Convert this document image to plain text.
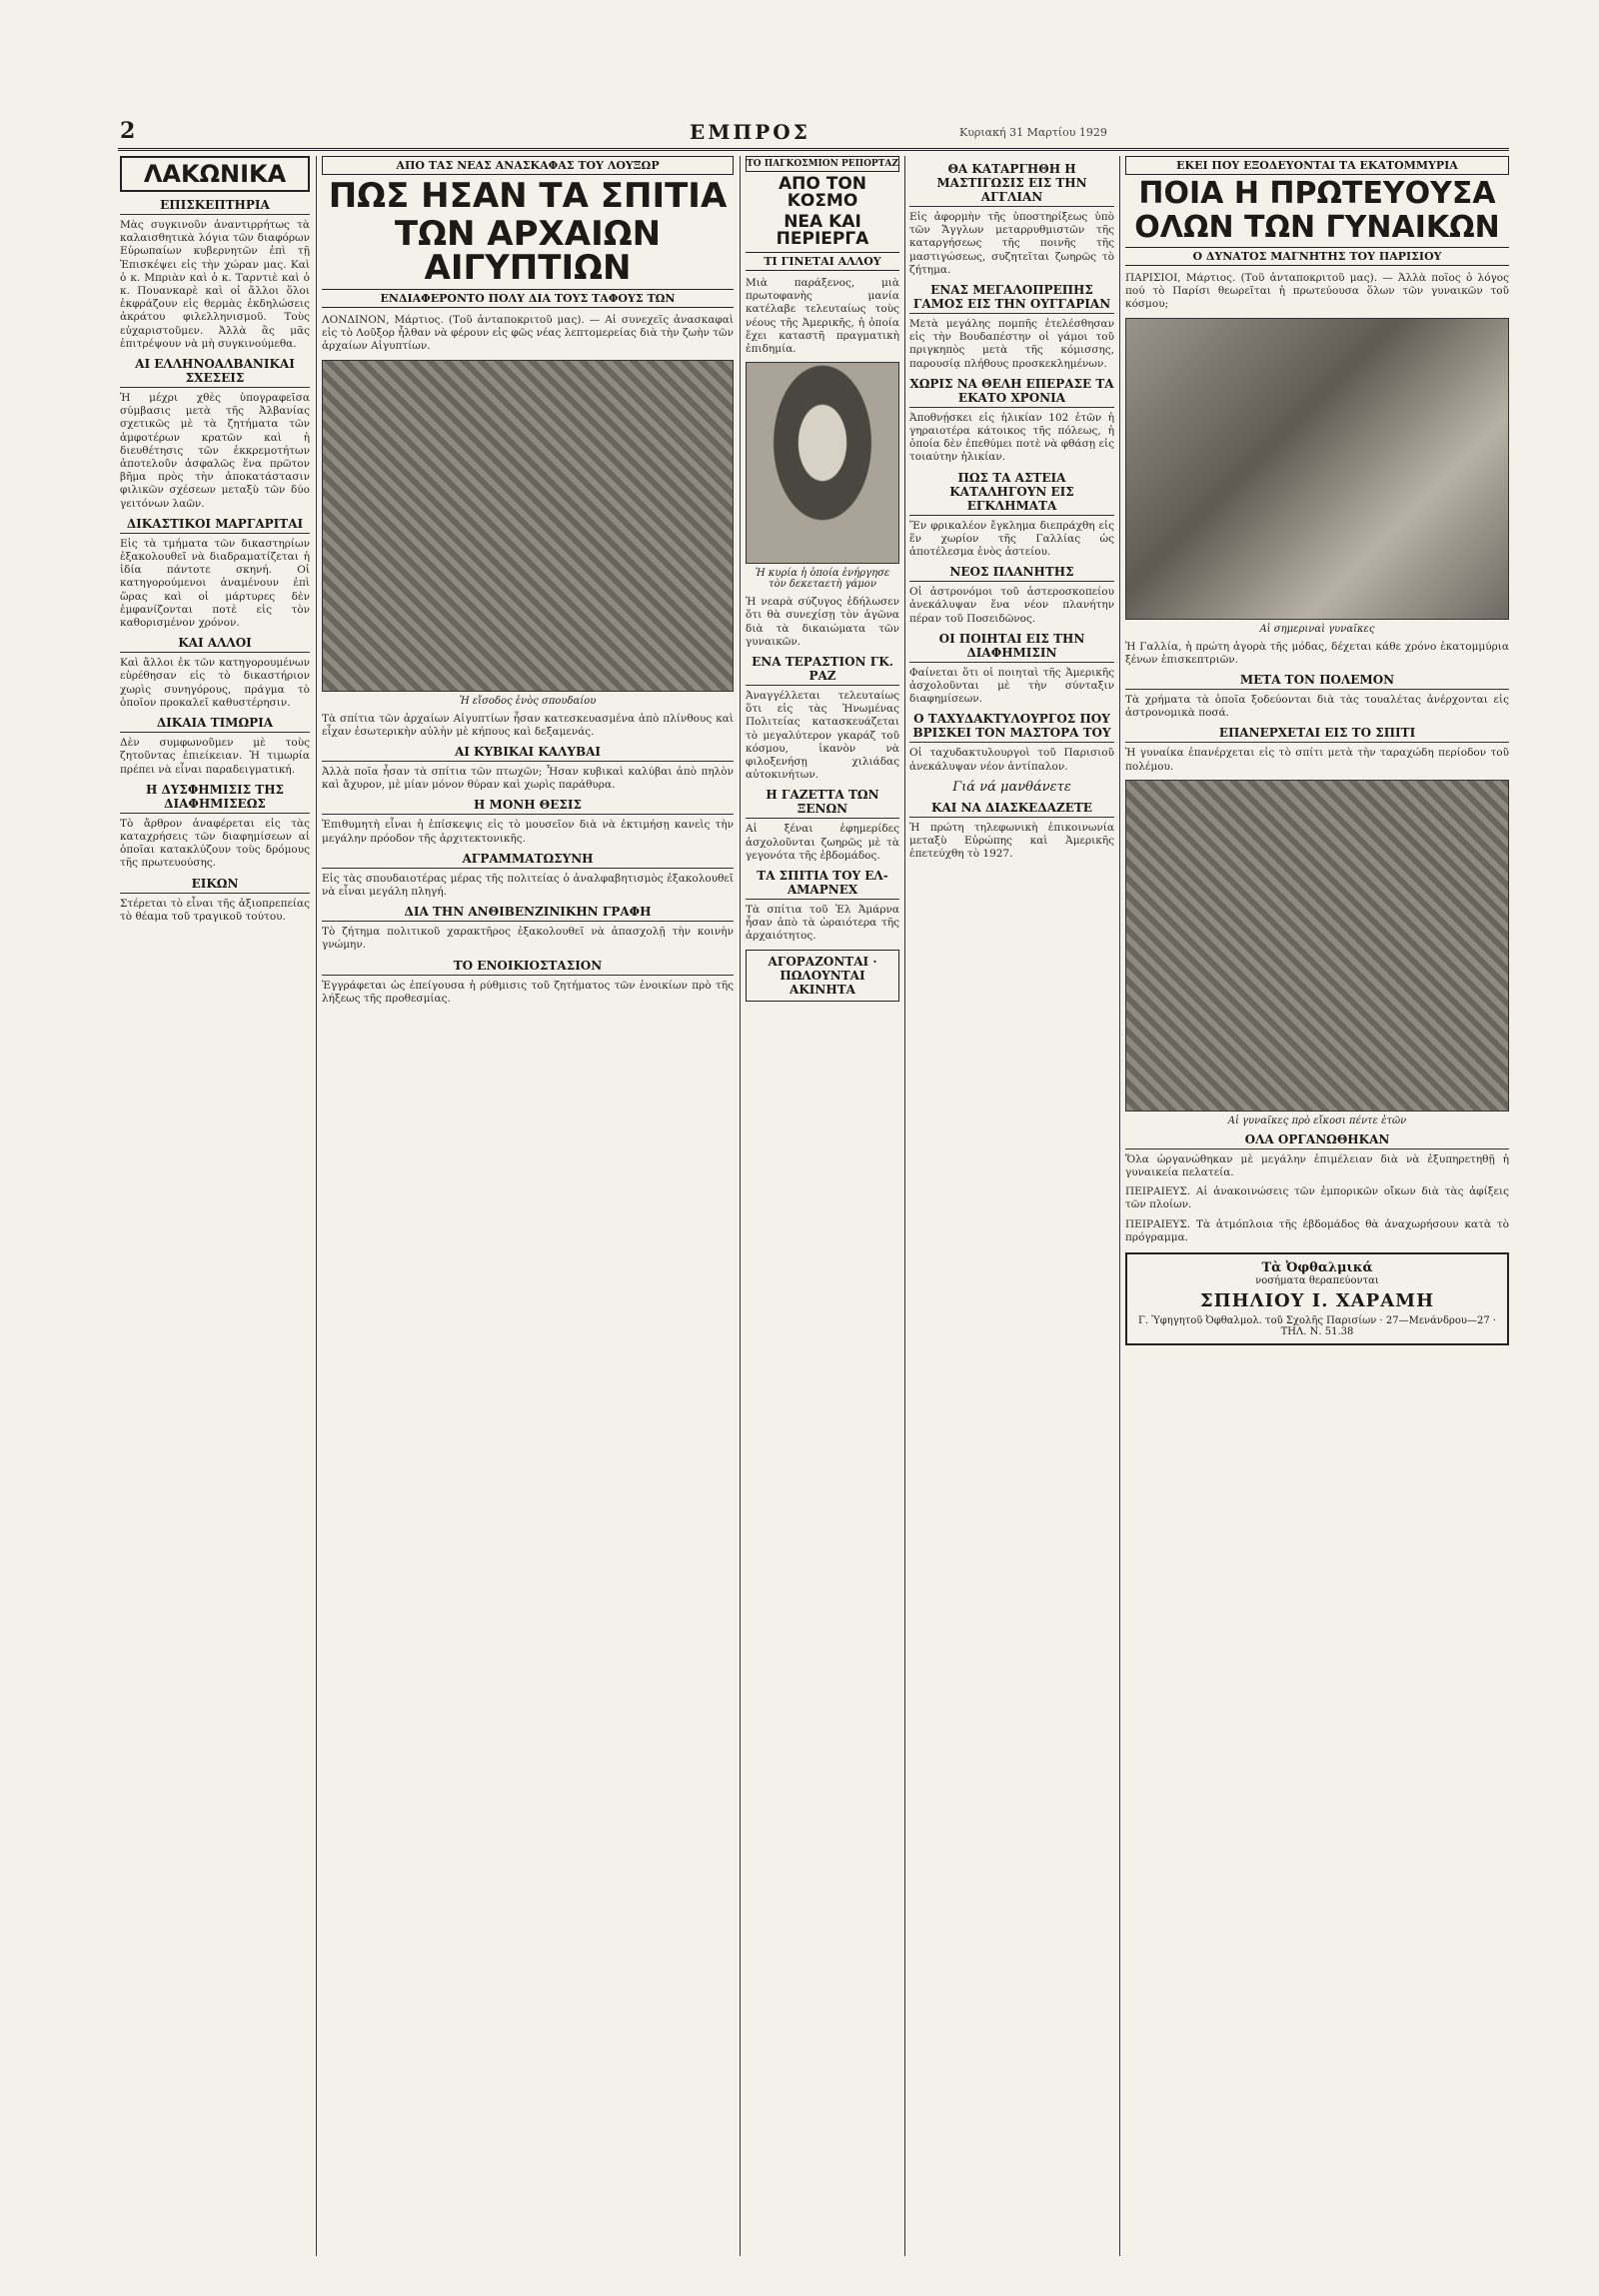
2	ΕΜΠΡΟΣ	Κυριακή 31 Μαρτίου 1929
ΛΑΚΩΝΙΚΑ
ΕΠΙΣΚΕΠΤΗΡΙΑ

Μὰς συγκινοῦν ἀναντιρρήτως τὰ καλαισθητικὰ λόγια τῶν διαφόρων Εὐρωπαίων κυβερνητῶν ἐπὶ τῇ Ἐπισκέψει εἰς τὴν χώραν μας. Καὶ ὁ κ. Μπριὰν καὶ ὁ κ. Ταρντιὲ καὶ ὁ κ. Πουανκαρὲ καὶ οἱ ἄλλοι ὅλοι ἐκφράζουν εἰς θερμὰς ἐκδηλώσεις ἀκράτου φιλελληνισμοῦ. Τοὺς εὐχαριστοῦμεν. Ἀλλὰ ἂς μᾶς ἐπιτρέψουν νὰ μὴ συγκινούμεθα.

ΑΙ ΕΛΛΗΝΟΑΛΒΑΝΙΚΑΙ ΣΧΕΣΕΙΣ

Ἡ μέχρι χθὲς ὑπογραφεῖσα σύμβασις μετὰ τῆς Ἀλβανίας σχετικῶς μὲ τὰ ζητήματα τῶν ἀμφοτέρων κρατῶν καὶ ἡ διευθέτησις τῶν ἐκκρεμοτήτων ἀποτελοῦν ἀσφαλῶς ἕνα πρῶτον βῆμα πρὸς τὴν ἀποκατάστασιν φιλικῶν σχέσεων μεταξὺ τῶν δύο γειτόνων λαῶν.

ΔΙΚΑΣΤΙΚΟΙ ΜΑΡΓΑΡΙΤΑΙ

Εἰς τὰ τμήματα τῶν δικαστηρίων ἐξακολουθεῖ νὰ διαδραματίζεται ἡ ἰδία πάντοτε σκηνή. Οἱ κατηγορούμενοι ἀναμένουν ἐπὶ ὥρας καὶ οἱ μάρτυρες δὲν ἐμφανίζονται ποτὲ εἰς τὸν καθορισμένον χρόνον.

ΚΑΙ ΑΛΛΟΙ

Καὶ ἄλλοι ἐκ τῶν κατηγορουμένων εὑρέθησαν εἰς τὸ δικαστήριον χωρὶς συνηγόρους, πράγμα τὸ ὁποῖον προκαλεῖ καθυστέρησιν.

ΔΙΚΑΙΑ ΤΙΜΩΡΙΑ

Δὲν συμφωνοῦμεν μὲ τοὺς ζητοῦντας ἐπιείκειαν. Ἡ τιμωρία πρέπει νὰ εἶναι παραδειγματική.

Η ΔΥΣΦΗΜΙΣΙΣ ΤΗΣ ΔΙΑΦΗΜΙΣΕΩΣ

Τὸ ἄρθρον ἀναφέρεται εἰς τὰς καταχρήσεις τῶν διαφημίσεων αἱ ὁποῖαι κατακλύζουν τοὺς δρόμους τῆς πρωτευούσης.

ΕΙΚΩΝ

Στέρεται τὸ εἶναι τῆς ἀξιοπρεπείας τὸ θέαμα τοῦ τραγικοῦ τούτου.

ΑΠΟ ΤΑΣ ΝΕΑΣ ΑΝΑΣΚΑΦΑΣ ΤΟΥ ΛΟΥΞΩΡ
ΠΩΣ ΗΣΑΝ ΤΑ ΣΠΙΤΙΑ
ΤΩΝ ΑΡΧΑΙΩΝ ΑΙΓΥΠΤΙΩΝ
ΕΝΔΙΑΦΕΡΟΝΤΟ ΠΟΛΥ ΔΙΑ ΤΟΥΣ ΤΑΦΟΥΣ ΤΩΝ

ΛΟΝΔΙΝΟΝ, Μάρτιος. (Τοῦ ἀνταποκριτοῦ μας). — Αἱ συνεχεῖς ἀνασκαφαὶ εἰς τὸ Λοῦξορ ἦλθαν νὰ φέρουν εἰς φῶς νέας λεπτομερείας διὰ τὴν ζωὴν τῶν ἀρχαίων Αἰγυπτίων.

Ἡ εἴσοδος ἑνὸς σπουδαίου

Τὰ σπίτια τῶν ἀρχαίων Αἰγυπτίων ἦσαν κατεσκευασμένα ἀπὸ πλίνθους καὶ εἶχαν ἐσωτερικὴν αὐλὴν μὲ κήπους καὶ δεξαμενάς.

ΑΙ ΚΥΒΙΚΑΙ ΚΑΛΥΒΑΙ

Ἀλλὰ ποῖα ἦσαν τὰ σπίτια τῶν πτωχῶν; Ἦσαν κυβικαὶ καλύβαι ἀπὸ πηλὸν καὶ ἄχυρον, μὲ μίαν μόνον θύραν καὶ χωρὶς παράθυρα.

Η ΜΟΝΗ ΘΕΣΙΣ

Ἐπιθυμητὴ εἶναι ἡ ἐπίσκεψις εἰς τὸ μουσεῖον διὰ νὰ ἐκτιμήσῃ κανεὶς τὴν μεγάλην πρόοδον τῆς ἀρχιτεκτονικῆς.

ΑΓΡΑΜΜΑΤΩΣΥΝΗ

Εἰς τὰς σπουδαιοτέρας μέρας τῆς πολιτείας ὁ ἀναλφαβητισμὸς ἐξακολουθεῖ νὰ εἶναι μεγάλη πληγή.

ΔΙΑ ΤΗΝ ΑΝΘΙΒΕΝΖΙΝΙΚΗΝ ΓΡΑΦΗ

Τὸ ζήτημα πολιτικοῦ χαρακτῆρος ἐξακολουθεῖ νὰ ἀπασχολῇ τὴν κοινὴν γνώμην.

ΤΟ ΕΝΟΙΚΙΟΣΤΑΣΙΟΝ

Ἐγγράφεται ὡς ἐπείγουσα ἡ ρύθμισις τοῦ ζητήματος τῶν ἐνοικίων πρὸ τῆς λήξεως τῆς προθεσμίας.

ΤΟ ΠΑΓΚΟΣΜΙΟΝ ΡΕΠΟΡΤΑΖ
ΑΠΟ ΤΟΝ ΚΟΣΜΟ
ΝΕΑ ΚΑΙ ΠΕΡΙΕΡΓΑ
ΤΙ ΓΙΝΕΤΑΙ ΑΛΛΟΥ

Μιὰ παράξενος, μιὰ πρωτοφανὴς μανία κατέλαβε τελευταίως τοὺς νέους τῆς Ἀμερικῆς, ἡ ὁποία ἔχει καταστῆ πραγματικὴ ἐπιδημία.

Ἡ κυρία ἡ ὁποία ἐνήργησε τὸν δεκεταετὴ γάμον

Ἡ νεαρὰ σύζυγος ἐδήλωσεν ὅτι θὰ συνεχίσῃ τὸν ἀγῶνα διὰ τὰ δικαιώματα τῶν γυναικῶν.

ΕΝΑ ΤΕΡΑΣΤΙΟΝ ΓΚ. ΡΑΖ

Ἀναγγέλλεται τελευταίως ὅτι εἰς τὰς Ἡνωμένας Πολιτείας κατασκευάζεται τὸ μεγαλύτερον γκαράζ τοῦ κόσμου, ἱκανὸν νὰ φιλοξενήσῃ χιλιάδας αὐτοκινήτων.

Η ΓΑΖΕΤΤΑ ΤΩΝ ΞΕΝΩΝ

Αἱ ξέναι ἐφημερίδες ἀσχολοῦνται ζωηρῶς μὲ τὰ γεγονότα τῆς ἑβδομάδος.

ΤΑ ΣΠΙΤΙΑ ΤΟΥ ΕΛ-ΑΜΑΡΝΕΧ

Τὰ σπίτια τοῦ Ἐλ Ἀμάρνα ἦσαν ἀπὸ τὰ ὡραιότερα τῆς ἀρχαιότητος.

ΑΓΟΡΑΖΟΝΤΑΙ · ΠΩΛΟΥΝΤΑΙ ΑΚΙΝΗΤΑ
ΘΑ ΚΑΤΑΡΓΗΘΗ Η ΜΑΣΤΙΓΩΣΙΣ ΕΙΣ ΤΗΝ ΑΓΓΛΙΑΝ

Εἰς ἀφορμὴν τῆς ὑποστηρίξεως ὑπὸ τῶν Ἄγγλων μεταρρυθμιστῶν τῆς καταργήσεως τῆς ποινῆς τῆς μαστιγώσεως, συζητεῖται ζωηρῶς τὸ ζήτημα.

ΕΝΑΣ ΜΕΓΑΛΟΠΡΕΠΗΣ ΓΑΜΟΣ ΕΙΣ ΤΗΝ ΟΥΓΓΑΡΙΑΝ

Μετὰ μεγάλης πομπῆς ἐτελέσθησαν εἰς τὴν Βουδαπέστην οἱ γάμοι τοῦ πριγκηπὸς μετὰ τῆς κόμισσης, παρουσίᾳ πλήθους προσκεκλημένων.

ΧΩΡΙΣ ΝΑ ΘΕΛΗ ΕΠΕΡΑΣΕ ΤΑ ΕΚΑΤΟ ΧΡΟΝΙΑ

Ἀποθνῄσκει εἰς ἡλικίαν 102 ἐτῶν ἡ γηραιοτέρα κάτοικος τῆς πόλεως, ἡ ὁποία δὲν ἐπεθύμει ποτὲ νὰ φθάσῃ εἰς τοιαύτην ἡλικίαν.

ΠΩΣ ΤΑ ΑΣΤΕΙΑ ΚΑΤΑΛΗΓΟΥΝ ΕΙΣ ΕΓΚΛΗΜΑΤΑ

Ἕν φρικαλέον ἔγκλημα διεπράχθη εἰς ἕν χωρίον τῆς Γαλλίας ὡς ἀποτέλεσμα ἑνὸς ἀστείου.

ΝΕΟΣ ΠΛΑΝΗΤΗΣ

Οἱ ἀστρονόμοι τοῦ ἀστεροσκοπείου ἀνεκάλυψαν ἕνα νέον πλανήτην πέραν τοῦ Ποσειδῶνος.

ΟΙ ΠΟΙΗΤΑΙ ΕΙΣ ΤΗΝ ΔΙΑΦΗΜΙΣΙΝ

Φαίνεται ὅτι οἱ ποιηταὶ τῆς Ἀμερικῆς ἀσχολοῦνται μὲ τὴν σύνταξιν διαφημίσεων.

Ο ΤΑΧΥΔΑΚΤΥΛΟΥΡΓΟΣ ΠΟΥ ΒΡΙΣΚΕΙ ΤΟΝ ΜΑΣΤΟΡΑ ΤΟΥ

Οἱ ταχυδακτυλουργοὶ τοῦ Παρισιοῦ ἀνεκάλυψαν νέον ἀντίπαλον.

Γιά νά μανθάνετε
ΚΑΙ ΝΑ ΔΙΑΣΚΕΔΑΖΕΤΕ

Ἡ πρώτη τηλεφωνικὴ ἐπικοινωνία μεταξὺ Εὐρώπης καὶ Ἀμερικῆς ἐπετεύχθη τὸ 1927.

ΕΚΕΙ ΠΟΥ ΕΞΟΔΕΥΟΝΤΑΙ ΤΑ ΕΚΑΤΟΜΜΥΡΙΑ
ΠΟΙΑ Η ΠΡΩΤΕΥΟΥΣΑ
ΟΛΩΝ ΤΩΝ ΓΥΝΑΙΚΩΝ
Ο ΔΥΝΑΤΟΣ ΜΑΓΝΗΤΗΣ ΤΟΥ ΠΑΡΙΣΙΟΥ

ΠΑΡΙΣΙΟΙ, Μάρτιος. (Τοῦ ἀνταποκριτοῦ μας). — Ἀλλὰ ποῖος ὁ λόγος πού τὸ Παρίσι θεωρεῖται ἡ πρωτεύουσα ὅλων τῶν γυναικῶν τοῦ κόσμου;

Αἱ σημεριναὶ γυναῖκες

Ἡ Γαλλία, ἡ πρώτη ἀγορὰ τῆς μόδας, δέχεται κάθε χρόνο ἑκατομμύρια ξένων ἐπισκεπτριῶν.

ΜΕΤΑ ΤΟΝ ΠΟΛΕΜΟΝ

Τὰ χρήματα τὰ ὁποῖα ξοδεύονται διὰ τὰς τουαλέτας ἀνέρχονται εἰς ἀστρονομικὰ ποσά.

ΕΠΑΝΕΡΧΕΤΑΙ ΕΙΣ ΤΟ ΣΠΙΤΙ

Ἡ γυναίκα ἐπανέρχεται εἰς τὸ σπίτι μετὰ τὴν ταραχώδη περίοδον τοῦ πολέμου.

Αἱ γυναῖκες πρὸ εἴκοσι πέντε ἐτῶν
ΟΛΑ ΟΡΓΑΝΩΘΗΚΑΝ

Ὅλα ὠργανώθηκαν μὲ μεγάλην ἐπιμέλειαν διὰ νὰ ἐξυπηρετηθῇ ἡ γυναικεία πελατεία.

ΠΕΙΡΑΙΕΥΣ. Αἱ ἀνακοινώσεις τῶν ἐμπορικῶν οἴκων διὰ τὰς ἀφίξεις τῶν πλοίων.

ΠΕΙΡΑΙΕΥΣ. Τὰ ἀτμόπλοια τῆς ἑβδομάδος θὰ ἀναχωρήσουν κατὰ τὸ πρόγραμμα.

Τὰ Ὀφθαλμικά
νοσήματα θεραπεύονται
ΣΠΗΛΙΟΥ Ι. ΧΑΡΑΜΗ
Γ. Ὑφηγητοῦ Ὀφθαλμολ. τοῦ Σχολῆς Παρισίων · 27—Μενάνδρου—27 · ΤΗΛ. Ν. 51.38
